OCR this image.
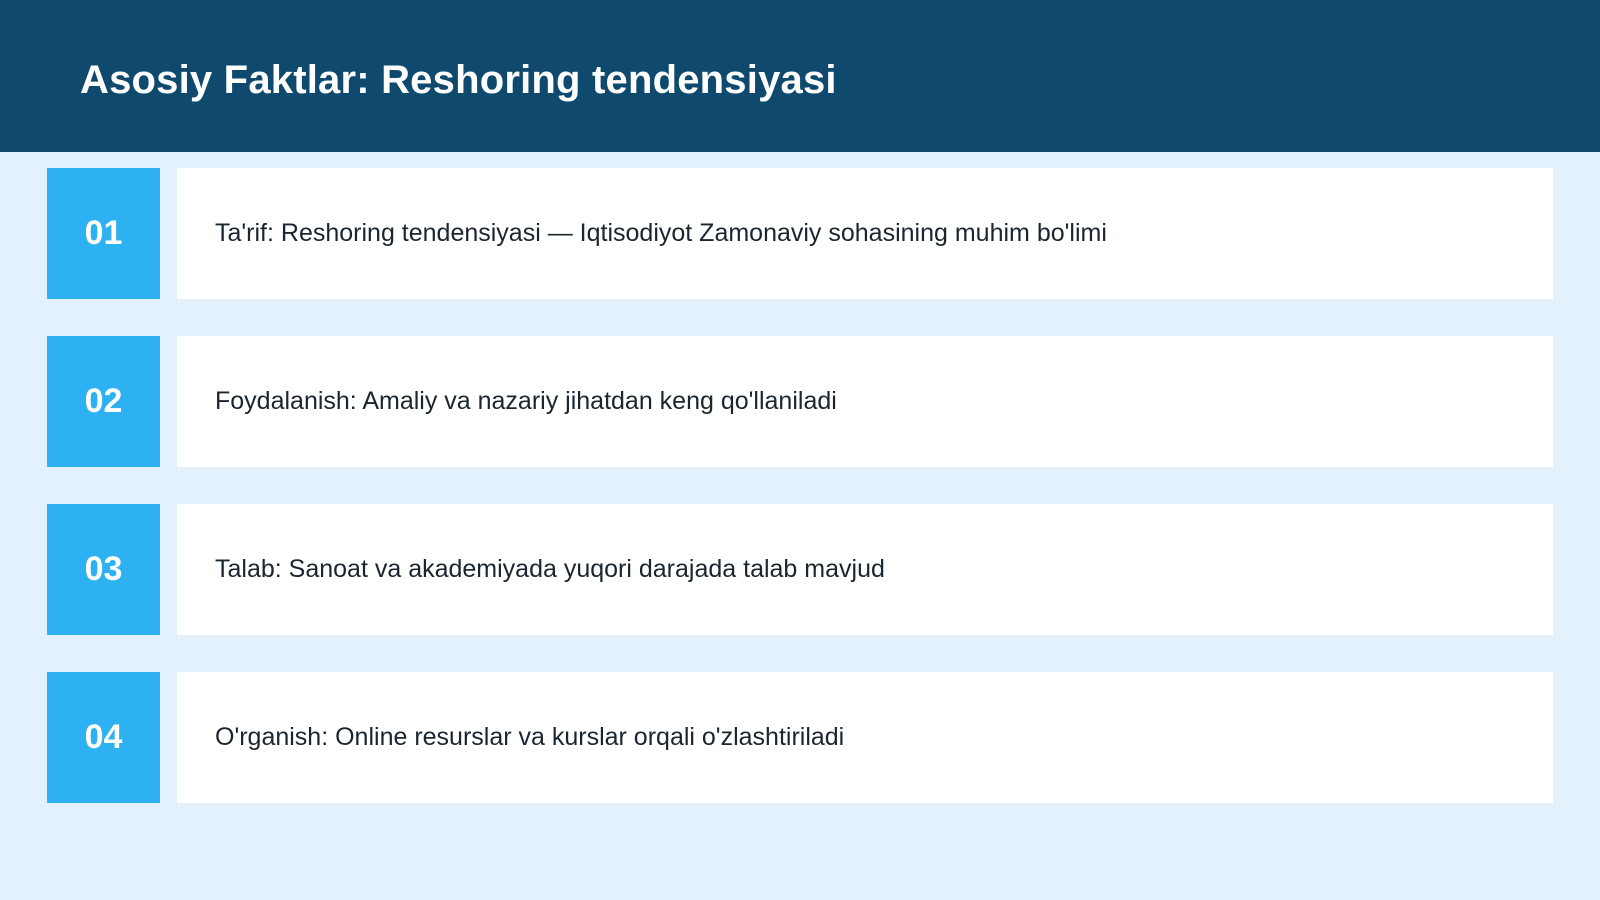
Asosiy Faktlar: Reshoring tendensiyasi
01	Ta'rif: Reshoring tendensiyasi — Iqtisodiyot Zamonaviy sohasining muhim bo'limi
02	Foydalanish: Amaliy va nazariy jihatdan keng qo'llaniladi
03	Talab: Sanoat va akademiyada yuqori darajada talab mavjud
04	O'rganish: Online resurslar va kurslar orqali o'zlashtiriladi
